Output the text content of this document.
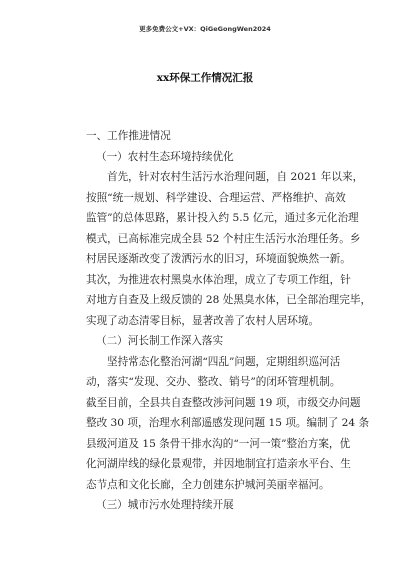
更多免费公文+VX：QiGeGongWen2024
xx环保工作情况汇报
一、工作推进情况
（一）农村生态环境持续优化
首先，针对农村生活污水治理问题，自 2021 年以来，
按照“统一规划、科学建设、合理运营、严格维护、高效
监管”的总体思路，累计投入约 5.5 亿元，通过多元化治理
模式，已高标准完成全县 52 个村庄生活污水治理任务。乡
村居民逐渐改变了泼洒污水的旧习，环境面貌焕然一新。
其次，为推进农村黑臭水体治理，成立了专项工作组，针
对地方自查及上级反馈的 28 处黑臭水体，已全部治理完毕，
实现了动态清零目标，显著改善了农村人居环境。
（二）河长制工作深入落实
坚持常态化整治河湖“四乱”问题，定期组织巡河活
动，落实“发现、交办、整改、销号”的闭环管理机制。
截至目前，全县共自查整改涉河问题 19 项，市级交办问题
整改 30 项，治理水利部遥感发现问题 15 项。编制了 24 条
县级河道及 15 条骨干排水沟的“一河一策”整治方案，优
化河湖岸线的绿化景观带，并因地制宜打造亲水平台、生
态节点和文化长廊，全力创建东护城河美丽幸福河。
（三）城市污水处理持续开展
